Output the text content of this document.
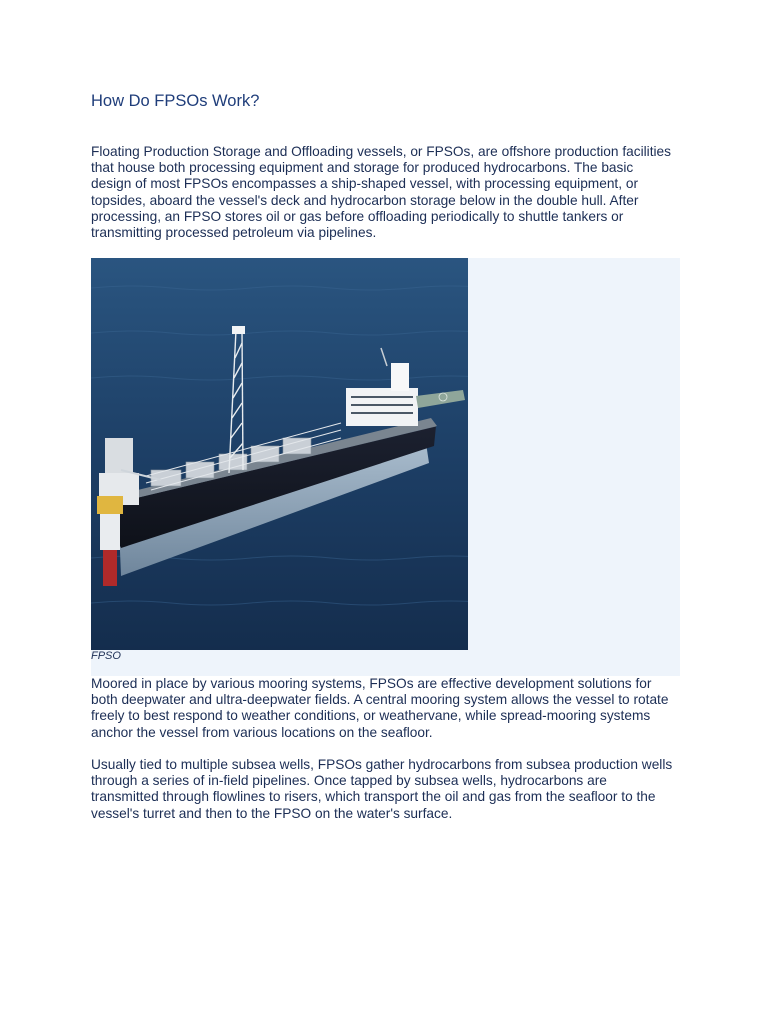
How Do FPSOs Work?

Floating Production Storage and Offloading vessels, or FPSOs, are offshore production facilities
that house both processing equipment and storage for produced hydrocarbons. The basic
design of most FPSOs encompasses a ship-shaped vessel, with processing equipment, or
topsides, aboard the vessel's deck and hydrocarbon storage below in the double hull. After
processing, an FPSO stores oil or gas before offloading periodically to shuttle tankers or
transmitting processed petroleum via pipelines.

FPSO

Moored in place by various mooring systems, FPSOs are effective development solutions for
both deepwater and ultra-deepwater fields. A central mooring system allows the vessel to rotate
freely to best respond to weather conditions, or weathervane, while spread-mooring systems
anchor the vessel from various locations on the seafloor.

Usually tied to multiple subsea wells, FPSOs gather hydrocarbons from subsea production wells
through a series of in-field pipelines. Once tapped by subsea wells, hydrocarbons are
transmitted through flowlines to risers, which transport the oil and gas from the seafloor to the
vessel's turret and then to the FPSO on the water's surface.
